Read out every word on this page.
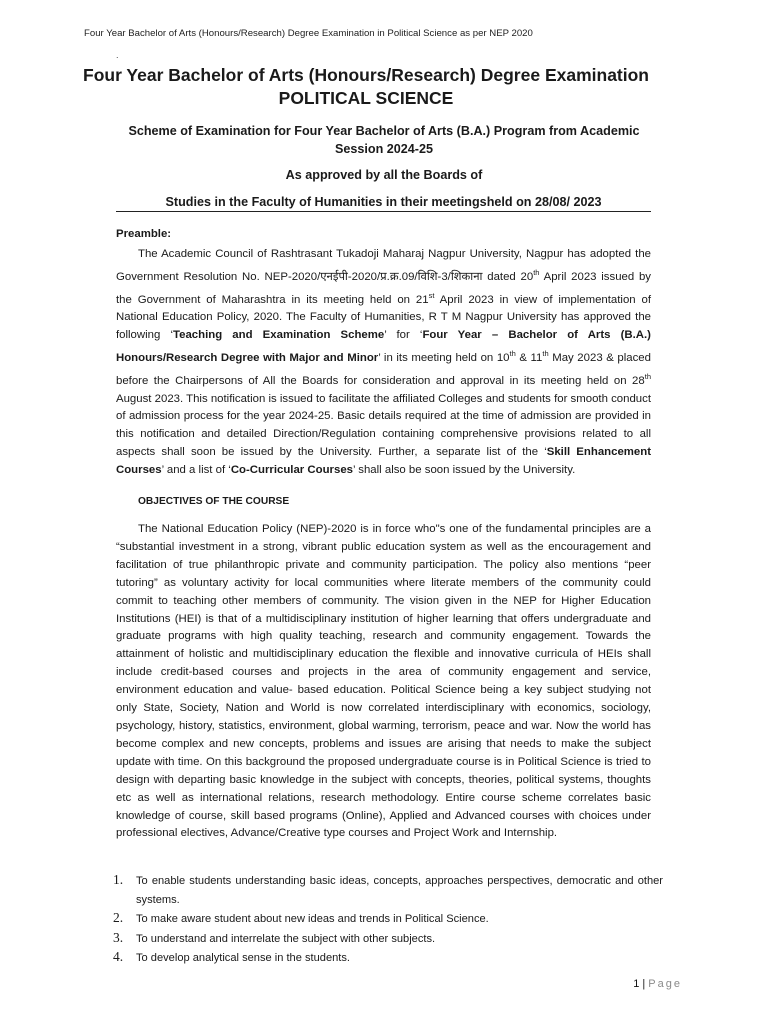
Four Year Bachelor of Arts (Honours/Research) Degree Examination in Political Science as per NEP 2020
.
Four Year Bachelor of Arts (Honours/Research) Degree Examination
POLITICAL SCIENCE
Scheme of Examination for Four Year Bachelor of Arts (B.A.) Program from Academic Session 2024-25
As approved by all the Boards of
Studies in the Faculty of Humanities in their meetingsheld on 28/08/ 2023
Preamble:
The Academic Council of Rashtrasant Tukadoji Maharaj Nagpur University, Nagpur has adopted the Government Resolution No. NEP-2020/एनईपी-2020/प्र.क्र.09/विशि-3/शिकाना dated 20th April 2023 issued by the Government of Maharashtra in its meeting held on 21st April 2023 in view of implementation of National Education Policy, 2020. The Faculty of Humanities, R T M Nagpur University has approved the following ‘Teaching and Examination Scheme’ for ‘Four Year – Bachelor of Arts (B.A.) Honours/Research Degree with Major and Minor’ in its meeting held on 10th & 11th May 2023 & placed before the Chairpersons of All the Boards for consideration and approval in its meeting held on 28th August 2023. This notification is issued to facilitate the affiliated Colleges and students for smooth conduct of admission process for the year 2024-25. Basic details required at the time of admission are provided in this notification and detailed Direction/Regulation containing comprehensive provisions related to all aspects shall soon be issued by the University. Further, a separate list of the ‘Skill Enhancement Courses’ and a list of ‘Co-Curricular Courses’ shall also be soon issued by the University.
OBJECTIVES OF THE COURSE
The National Education Policy (NEP)-2020 is in force who"s one of the fundamental principles are a “substantial investment in a strong, vibrant public education system as well as the encouragement and facilitation of true philanthropic private and community participation. The policy also mentions “peer tutoring” as voluntary activity for local communities where literate members of the community could commit to teaching other members of community. The vision given in the NEP for Higher Education Institutions (HEI) is that of a multidisciplinary institution of higher learning that offers undergraduate and graduate programs with high quality teaching, research and community engagement. Towards the attainment of holistic and multidisciplinary education the flexible and innovative curricula of HEIs shall include credit-based courses and projects in the area of community engagement and service, environment education and value- based education. Political Science being a key subject studying not only State, Society, Nation and World is now correlated interdisciplinary with economics, sociology, psychology, history, statistics, environment, global warming, terrorism, peace and war. Now the world has become complex and new concepts, problems and issues are arising that needs to make the subject update with time. On this background the proposed undergraduate course is in Political Science is tried to design with departing basic knowledge in the subject with concepts, theories, political systems, thoughts etc as well as international relations, research methodology. Entire course scheme correlates basic knowledge of course, skill based programs (Online), Applied and Advanced courses with choices under professional electives, Advance/Creative type courses and Project Work and Internship.
1. To enable students understanding basic ideas, concepts, approaches perspectives, democratic and other systems.
2. To make aware student about new ideas and trends in Political Science.
3. To understand and interrelate the subject with other subjects.
4. To develop analytical sense in the students.
1 | Page
